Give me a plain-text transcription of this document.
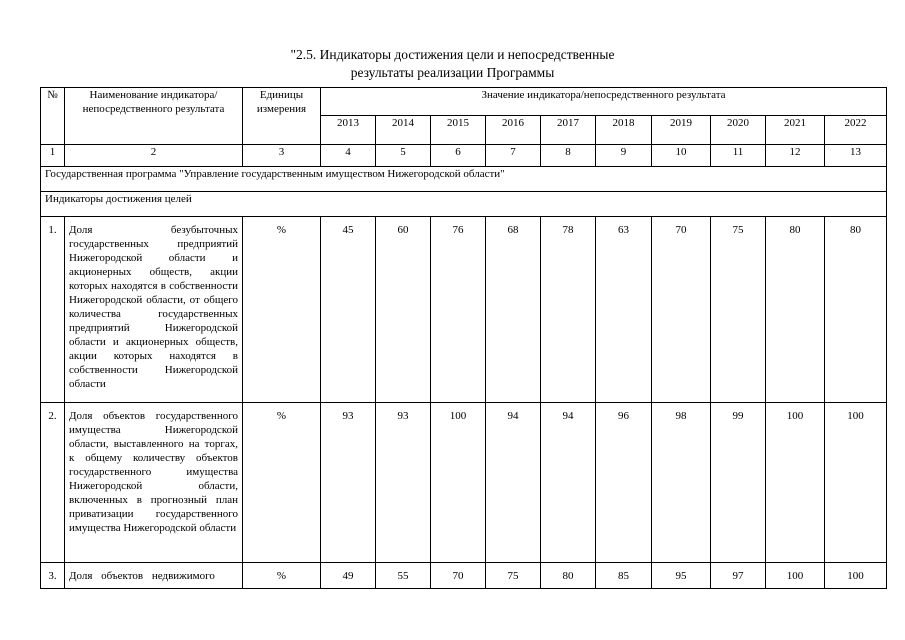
"2.5. Индикаторы достижения цели и непосредственные
результаты реализации Программы
№	Наименование индикатора/непосредственного результата	Единицы измерения	Значение индикатора/непосредственного результата									
			2013	2014	2015	2016	2017	2018	2019	2020	2021	2022
1	2	3	4	5	6	7	8	9	10	11	12	13
Государственная программа "Управление государственным имуществом Нижегородской области"												
Индикаторы достижения целей												
1.	Доля безубыточных государственных предприятий Нижегородской области и акционерных обществ, акции которых находятся в собственности Нижегородской области, от общего количества государственных предприятий Нижегородской области и акционерных обществ, акции которых находятся в собственности Нижегородской области	%	45	60	76	68	78	63	70	75	80	80
2.	Доля объектов государственного имущества Нижегородской области, выставленного на торгах, к общему количеству объектов государственного имущества Нижегородской области, включенных в прогнозный план приватизации государственного имущества Нижегородской области	%	93	93	100	94	94	96	98	99	100	100
3.	Доля объектов недвижимого	%	49	55	70	75	80	85	95	97	100	100
